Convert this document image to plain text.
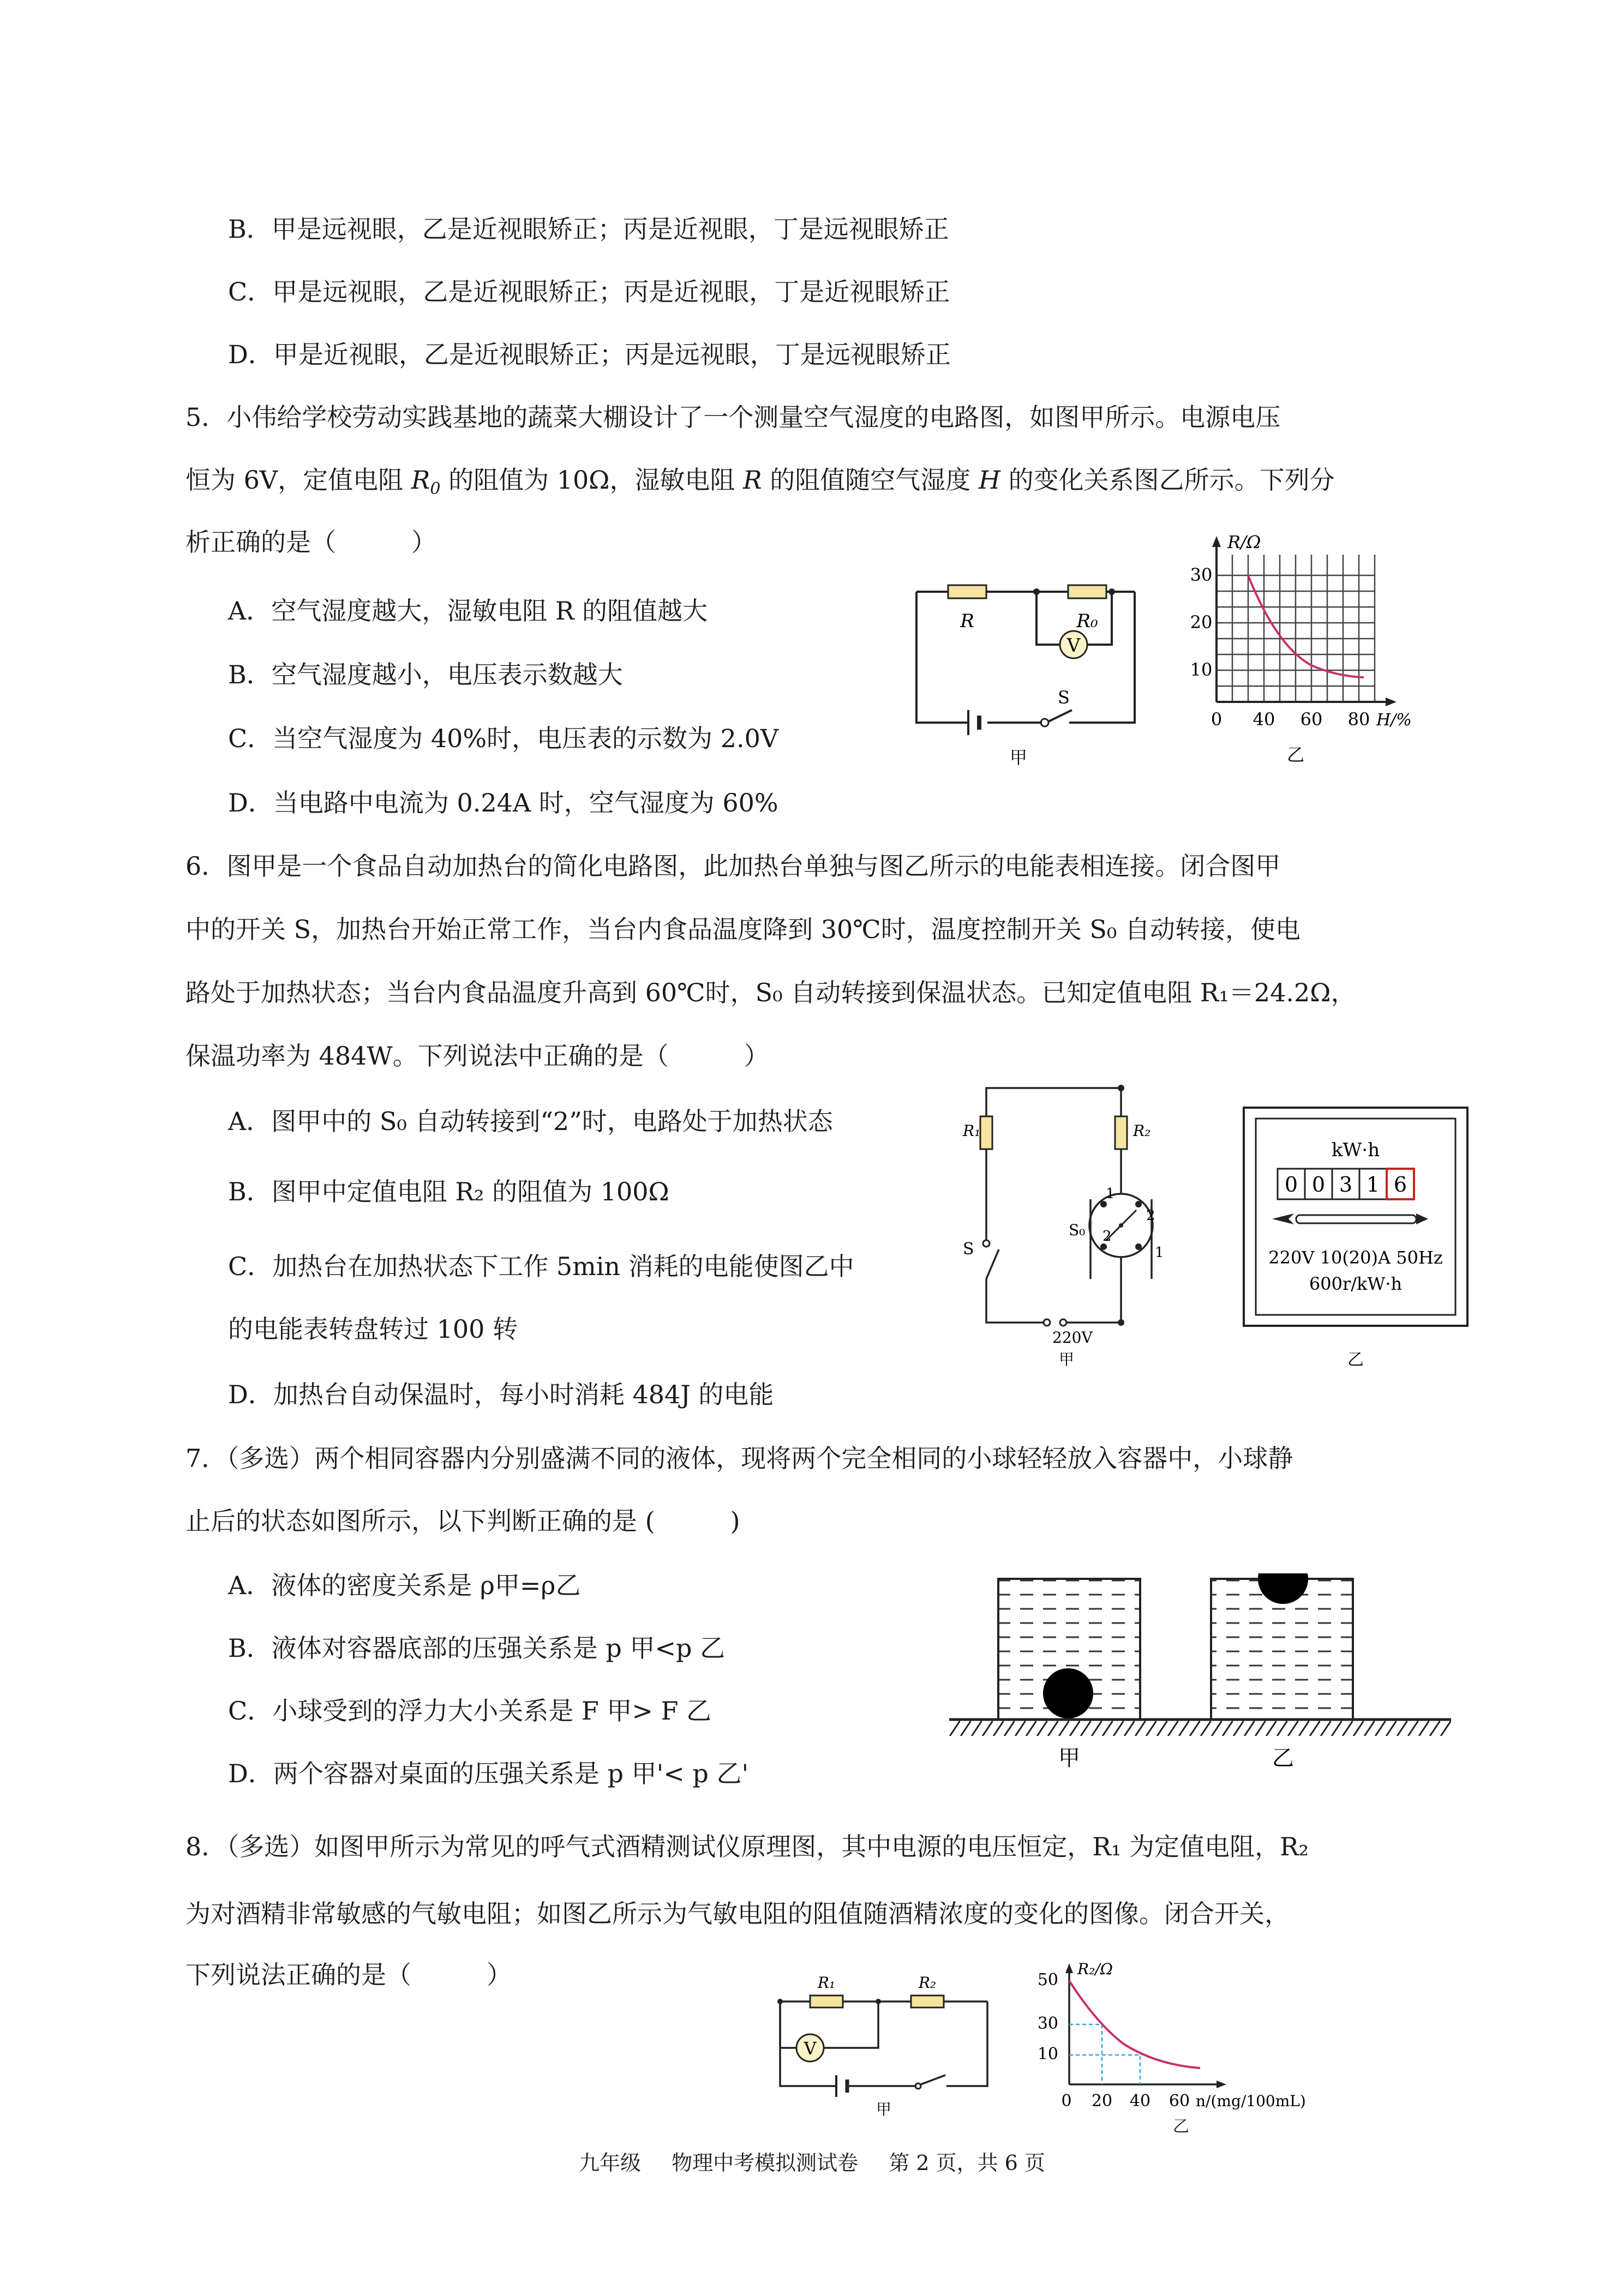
B．甲是远视眼，乙是近视眼矫正；丙是近视眼，丁是远视眼矫正
C．甲是远视眼，乙是近视眼矫正；丙是近视眼，丁是近视眼矫正
D．甲是近视眼，乙是近视眼矫正；丙是远视眼，丁是远视眼矫正
5．小伟给学校劳动实践基地的蔬菜大棚设计了一个测量空气湿度的电路图，如图甲所示。电源电压
恒为 6V，定值电阻 $R_0$ 的阻值为 10Ω，湿敏电阻 R 的阻值随空气湿度 H 的变化关系图乙所示。下列分
析正确的是（　　　）
A．空气湿度越大，湿敏电阻 R 的阻值越大
B．空气湿度越小，电压表示数越大
C．当空气湿度为 40%时，电压表的示数为 2.0V
D．当电路中电流为 0.24A 时，空气湿度为 60%
V
R	R₀
S
甲
30
20
10
0 40 60 80
R/Ω
H/%
乙
6．图甲是一个食品自动加热台的简化电路图，此加热台单独与图乙所示的电能表相连接。闭合图甲
中的开关 S，加热台开始正常工作，当台内食品温度降到 30℃时，温度控制开关 S₀ 自动转接，使电
路处于加热状态；当台内食品温度升高到 60℃时，S₀ 自动转接到保温状态。已知定值电阻 R₁＝24.2Ω，
保温功率为 484W。下列说法中正确的是（　　　）
A．图甲中的 S₀ 自动转接到“2”时，电路处于加热状态
B．图甲中定值电阻 R₂ 的阻值为 100Ω
C．加热台在加热状态下工作 5min 消耗的电能使图乙中
的电能表转盘转过 100 转
D．加热台自动保温时，每小时消耗 484J 的电能
R₁	R₂
S
S₀
1
2
2
1
220V
甲
kW·h
0 0 3 1 6
220V 10(20)A 50Hz
600r/kW·h
乙
7．（多选）两个相同容器内分别盛满不同的液体，现将两个完全相同的小球轻轻放入容器中，小球静
止后的状态如图所示，以下判断正确的是 (　　　)
A．液体的密度关系是 ρ甲=ρ乙
B．液体对容器底部的压强关系是 p 甲<p 乙
C．小球受到的浮力大小关系是 F 甲> F 乙
D．两个容器对桌面的压强关系是 p 甲'< p 乙'
甲	乙
8．（多选）如图甲所示为常见的呼气式酒精测试仪原理图，其中电源的电压恒定，R₁ 为定值电阻，R₂
为对酒精非常敏感的气敏电阻；如图乙所示为气敏电阻的阻值随酒精浓度的变化的图像。闭合开关，
下列说法正确的是（　　　）
V
R₁	R₂
甲
50
30
10
0 20 40 60
R₂/Ω
n/(mg/100mL)
乙
九年级 物理中考模拟测试卷 第 2 页，共 6 页
